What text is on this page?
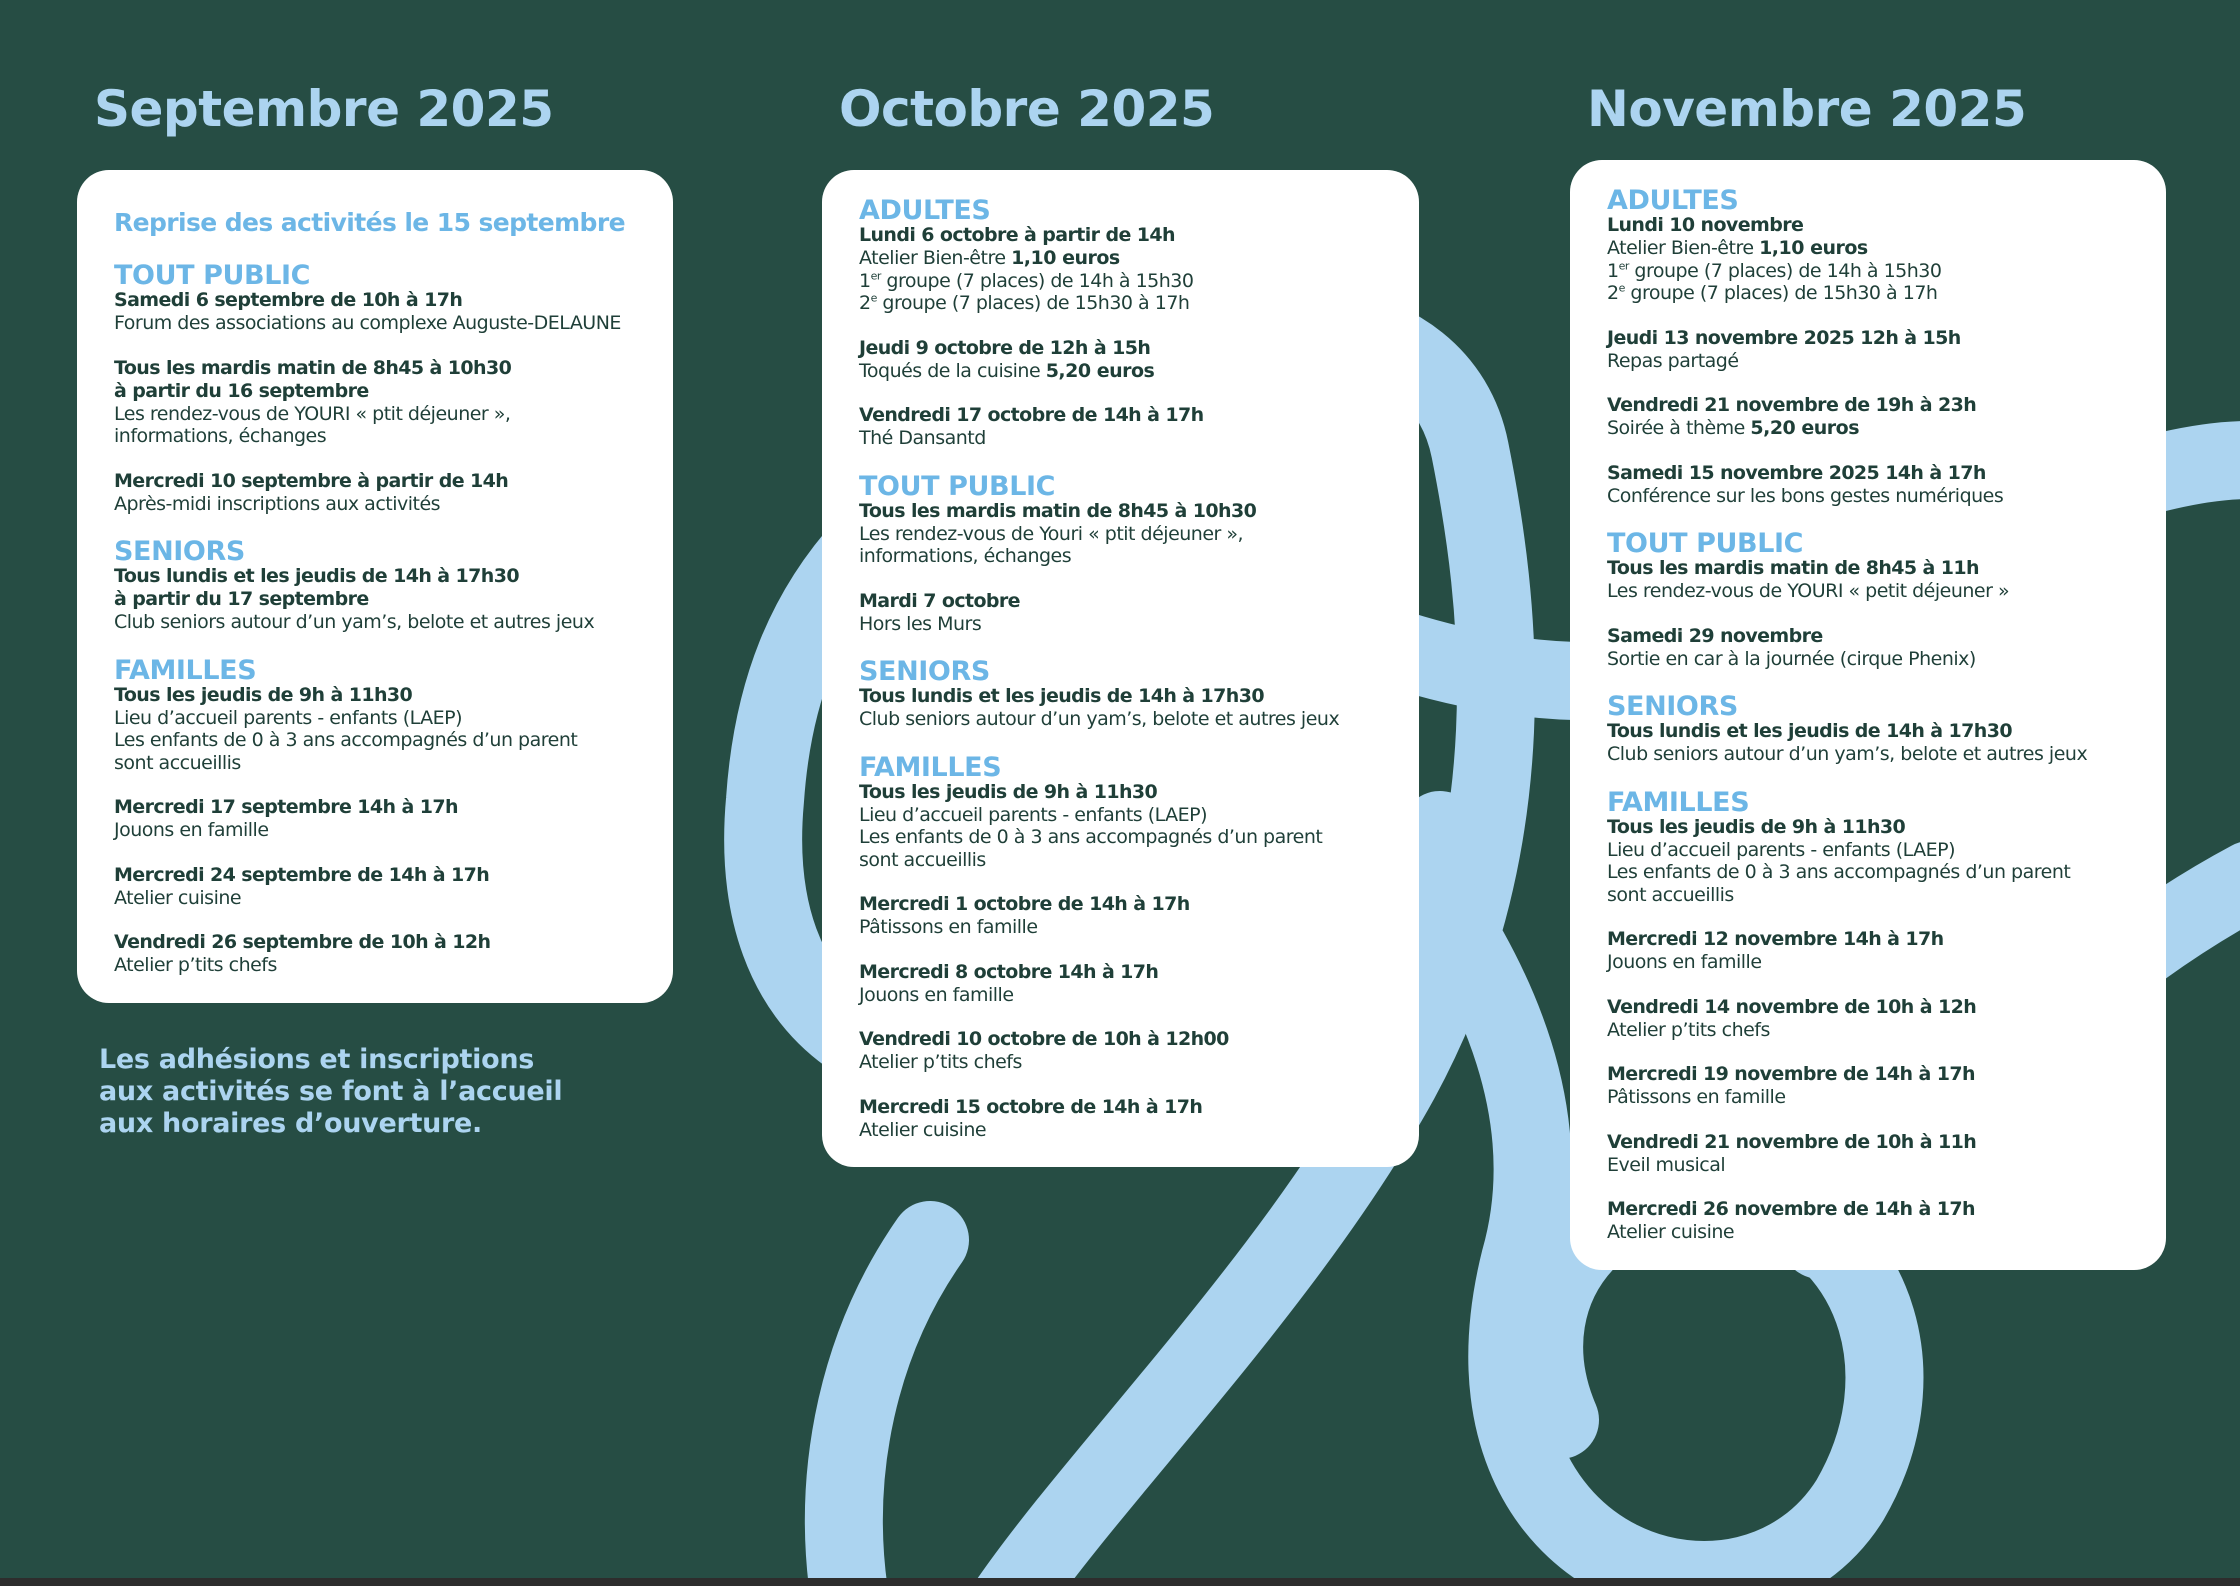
Septembre 2025	Octobre 2025	Novembre 2025
Reprise des activités le 15 septembre
TOUT PUBLIC
Samedi 6 septembre de 10h à 17h
Forum des associations au complexe Auguste-DELAUNE
Tous les mardis matin de 8h45 à 10h30
à partir du 16 septembre
Les rendez-vous de YOURI « ptit déjeuner »,
informations, échanges
Mercredi 10 septembre à partir de 14h
Après-midi inscriptions aux activités
SENIORS
Tous lundis et les jeudis de 14h à 17h30
à partir du 17 septembre
Club seniors autour d’un yam’s, belote et autres jeux
FAMILLES
Tous les jeudis de 9h à 11h30
Lieu d’accueil parents - enfants (LAEP)
Les enfants de 0 à 3 ans accompagnés d’un parent
sont accueillis
Mercredi 17 septembre 14h à 17h
Jouons en famille
Mercredi 24 septembre de 14h à 17h
Atelier cuisine
Vendredi 26 septembre de 10h à 12h
Atelier p’tits chefs
ADULTES
Lundi 6 octobre à partir de 14h
Atelier Bien-être 1,10 euros
1er groupe (7 places) de 14h à 15h30
2e groupe (7 places) de 15h30 à 17h
Jeudi 9 octobre de 12h à 15h
Toqués de la cuisine 5,20 euros
Vendredi 17 octobre de 14h à 17h
Thé Dansantd
TOUT PUBLIC
Tous les mardis matin de 8h45 à 10h30
Les rendez-vous de Youri « ptit déjeuner »,
informations, échanges
Mardi 7 octobre
Hors les Murs
SENIORS
Tous lundis et les jeudis de 14h à 17h30
Club seniors autour d’un yam’s, belote et autres jeux
FAMILLES
Tous les jeudis de 9h à 11h30
Lieu d’accueil parents - enfants (LAEP)
Les enfants de 0 à 3 ans accompagnés d’un parent
sont accueillis
Mercredi 1 octobre de 14h à 17h
Pâtissons en famille
Mercredi 8 octobre 14h à 17h
Jouons en famille
Vendredi 10 octobre de 10h à 12h00
Atelier p’tits chefs
Mercredi 15 octobre de 14h à 17h
Atelier cuisine
ADULTES
Lundi 10 novembre
Atelier Bien-être 1,10 euros
1er groupe (7 places) de 14h à 15h30
2e groupe (7 places) de 15h30 à 17h
Jeudi 13 novembre 2025 12h à 15h
Repas partagé
Vendredi 21 novembre de 19h à 23h
Soirée à thème 5,20 euros
Samedi 15 novembre 2025 14h à 17h
Conférence sur les bons gestes numériques
TOUT PUBLIC
Tous les mardis matin de 8h45 à 11h
Les rendez-vous de YOURI « petit déjeuner »
Samedi 29 novembre
Sortie en car à la journée (cirque Phenix)
SENIORS
Tous lundis et les jeudis de 14h à 17h30
Club seniors autour d’un yam’s, belote et autres jeux
FAMILLES
Tous les jeudis de 9h à 11h30
Lieu d’accueil parents - enfants (LAEP)
Les enfants de 0 à 3 ans accompagnés d’un parent
sont accueillis
Mercredi 12 novembre 14h à 17h
Jouons en famille
Vendredi 14 novembre de 10h à 12h
Atelier p’tits chefs
Mercredi 19 novembre de 14h à 17h
Pâtissons en famille
Vendredi 21 novembre de 10h à 11h
Eveil musical
Mercredi 26 novembre de 14h à 17h
Atelier cuisine
Les adhésions et inscriptions
aux activités se font à l’accueil
aux horaires d’ouverture.
